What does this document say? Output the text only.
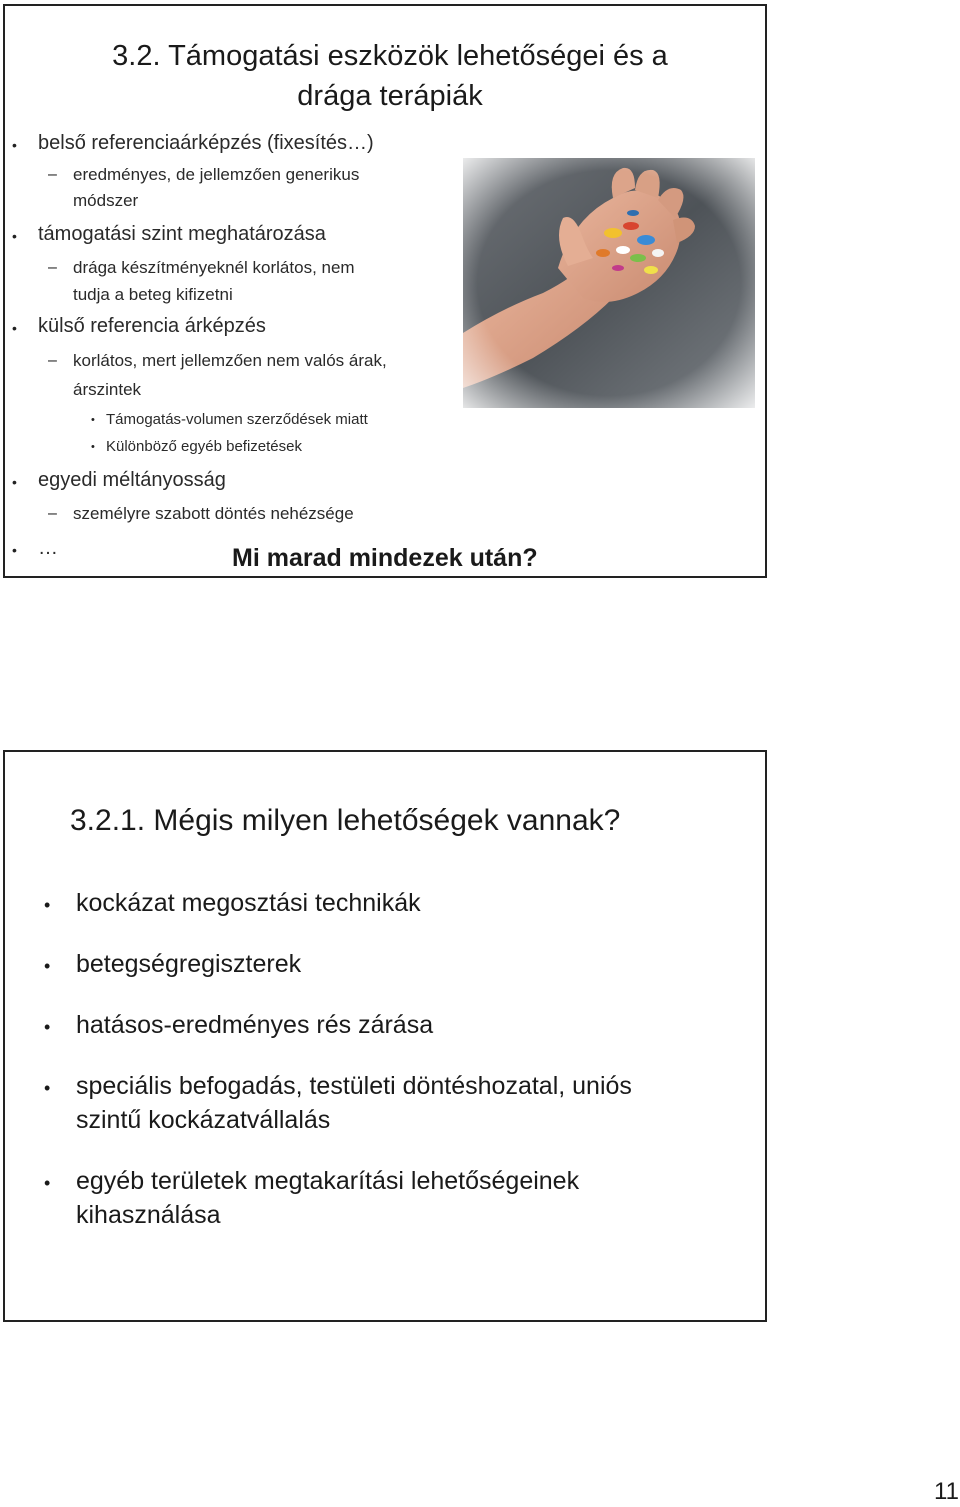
3.2. Támogatási eszközök lehetőségei és a
drága terápiák
• belső referenciaárképzés (fixesítés…)
– eredményes, de jellemzően generikus
módszer
• támogatási szint meghatározása
– drága készítményeknél korlátos, nem
tudja a beteg kifizetni
• külső referencia árképzés
– korlátos, mert jellemzően nem valós árak,
árszintek
• Támogatás-volumen szerződések miatt
• Különböző egyéb befizetések
• egyedi méltányosság
– személyre szabott döntés nehézsége
• …	Mi marad mindezek után?
3.2.1. Mégis milyen lehetőségek vannak?
• kockázat megosztási technikák
• betegségregiszterek
• hatásos-eredményes rés zárása
• speciális befogadás, testületi döntéshozatal, uniós
szintű kockázatvállalás
• egyéb területek megtakarítási lehetőségeinek
kihasználása
11
